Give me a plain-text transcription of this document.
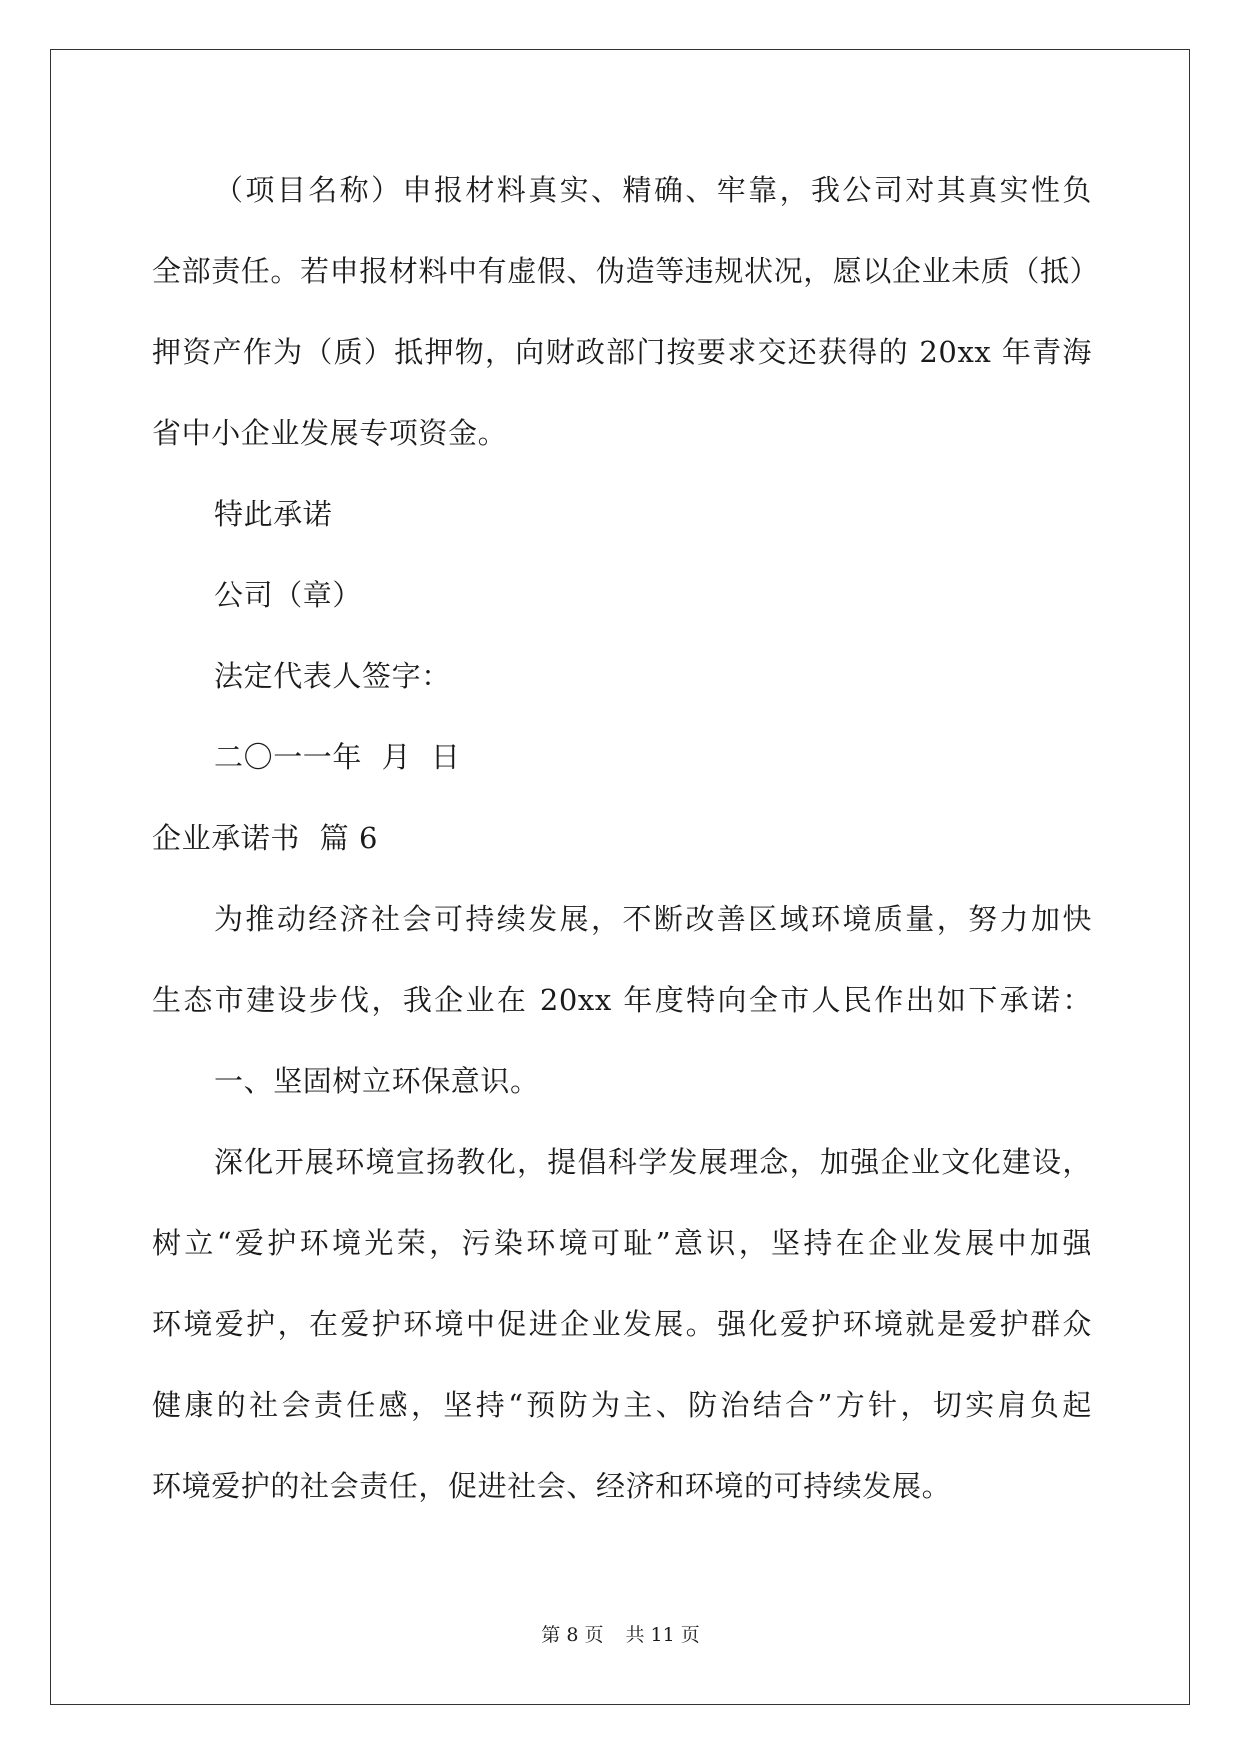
（项目名称）申报材料真实、精确、牢靠，我公司对其真实性负
全部责任。若申报材料中有虚假、伪造等违规状况，愿以企业未质（抵）
押资产作为（质）抵押物，向财政部门按要求交还获得的 20xx 年青海
省中小企业发展专项资金。
特此承诺
公司（章）
法定代表人签字：
二〇一一年  月  日
企业承诺书  篇 6
为推动经济社会可持续发展，不断改善区域环境质量，努力加快
生态市建设步伐，我企业在 20xx 年度特向全市人民作出如下承诺：
一、坚固树立环保意识。
深化开展环境宣扬教化，提倡科学发展理念，加强企业文化建设，
树立“爱护环境光荣，污染环境可耻”意识，坚持在企业发展中加强
环境爱护，在爱护环境中促进企业发展。强化爱护环境就是爱护群众
健康的社会责任感，坚持“预防为主、防治结合”方针，切实肩负起
环境爱护的社会责任，促进社会、经济和环境的可持续发展。
第 8 页 共 11 页
